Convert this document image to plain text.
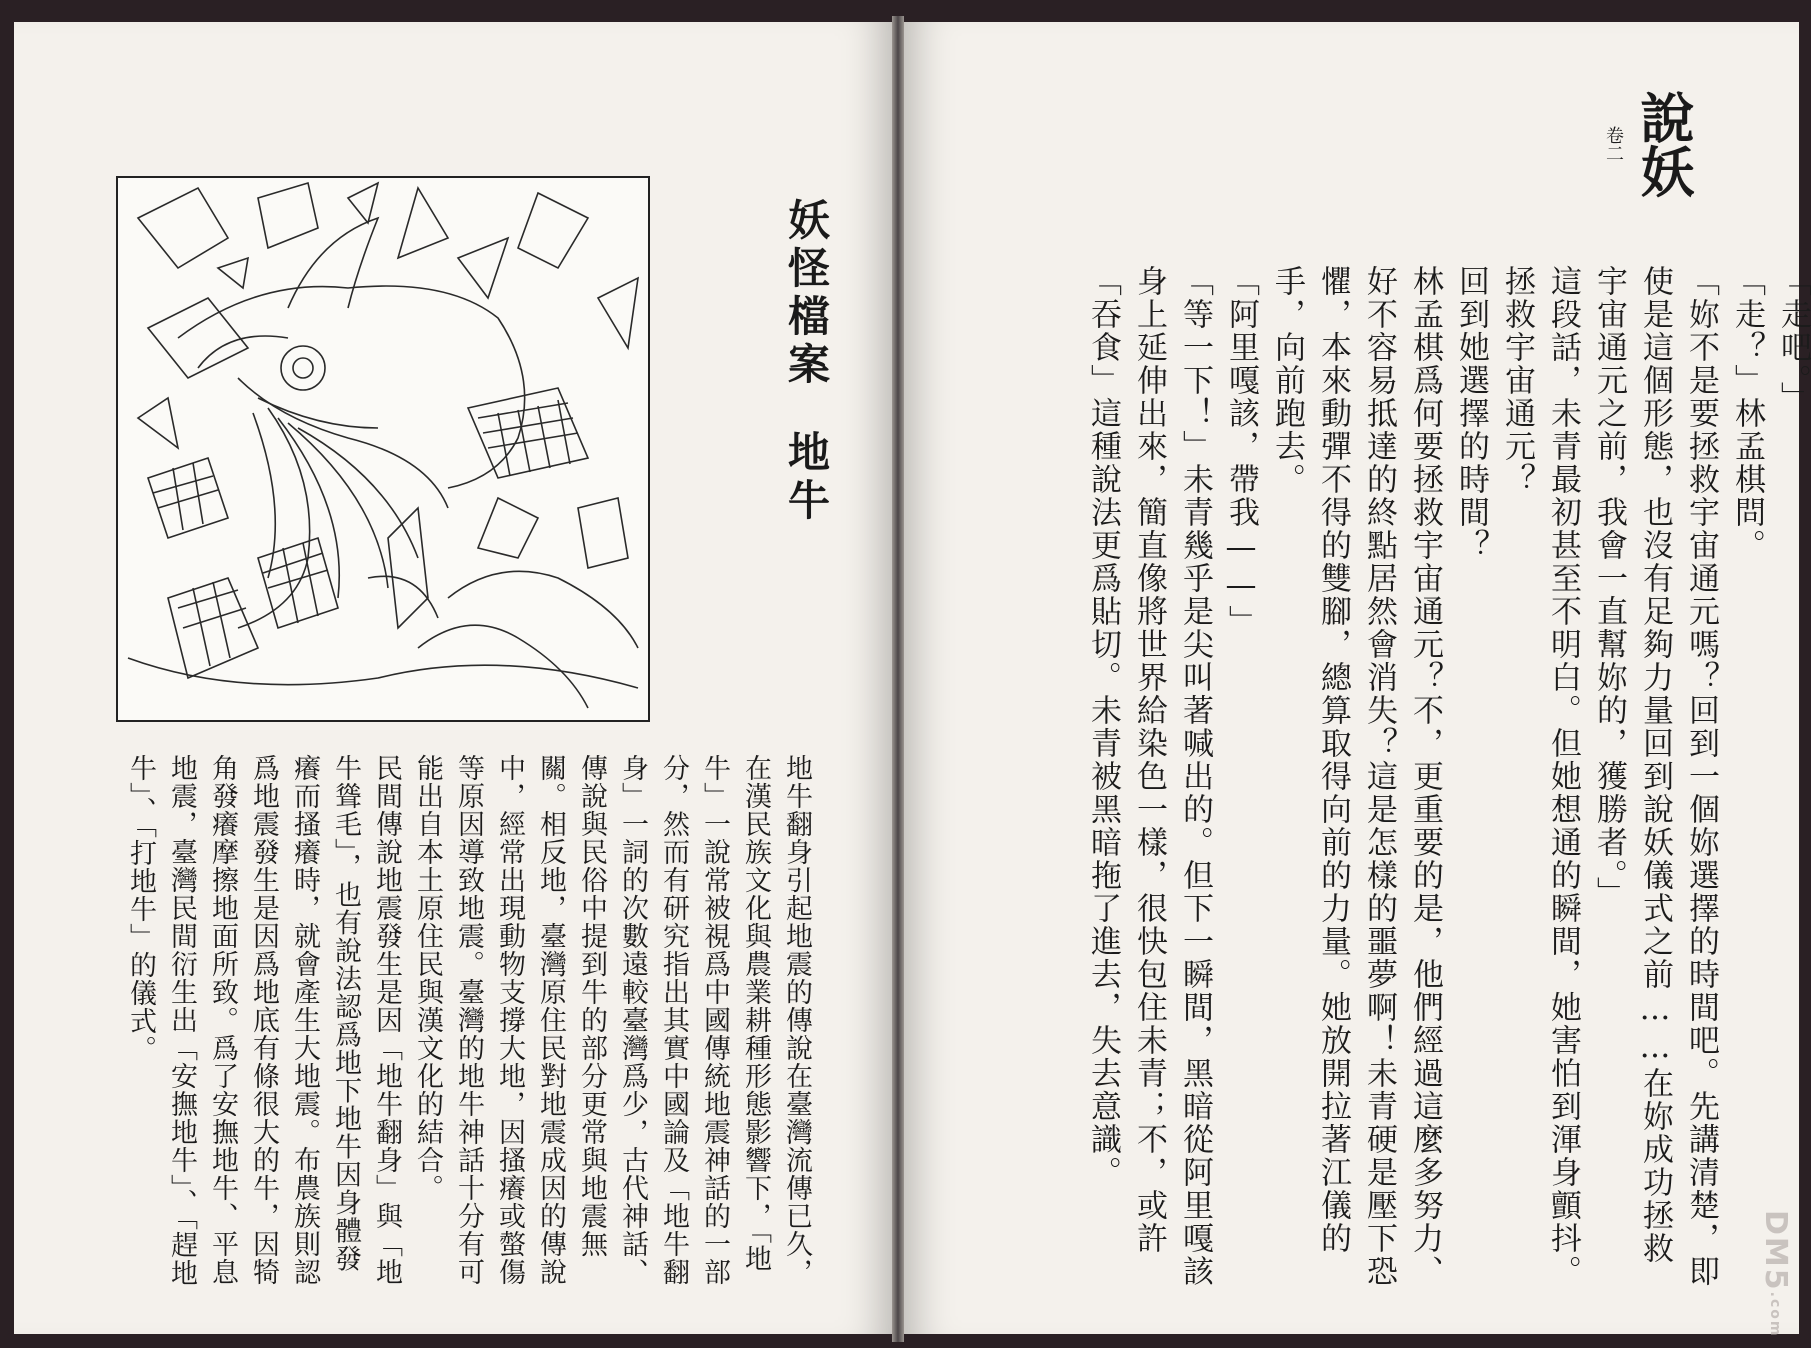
妖怪檔案地牛

地牛翻身引起地震的傳說在臺灣流傳已久，在漢民族文化與農業耕種形態影響下，「地牛」一說常被視爲中國傳統地震神話的一部分，然而有研究指出其實中國論及「地牛翻身」一詞的次數遠較臺灣爲少，古代神話、傳說與民俗中提到牛的部分更常與地震無關。相反地，臺灣原住民對地震成因的傳說中，經常出現動物支撐大地，因搔癢或螫傷等原因導致地震。臺灣的地牛神話十分有可能出自本土原住民與漢文化的結合。

民間傳說地震發生是因「地牛翻身」與「地牛聳毛」，也有說法認爲地下地牛因身體發癢而搔癢時，就會產生大地震。布農族則認爲地震發生是因爲地底有條很大的牛，因犄角發癢摩擦地面所致。爲了安撫地牛、平息地震，臺灣民間衍生出「安撫地牛」、「趕地牛」、「打地牛」的儀式。

說妖
卷二

「走吧。」

「走？」林孟棋問。

「妳不是要拯救宇宙通元嗎？回到一個妳選擇的時間吧。先講清楚，即使是這個形態，也沒有足夠力量回到說妖儀式之前……在妳成功拯救宇宙通元之前，我會一直幫妳的，獲勝者。」

這段話，未青最初甚至不明白。但她想通的瞬間，她害怕到渾身顫抖。

拯救宇宙通元？

回到她選擇的時間？

林孟棋爲何要拯救宇宙通元？不，更重要的是，他們經過這麼多努力、好不容易抵達的終點居然會消失？這是怎樣的噩夢啊！未青硬是壓下恐懼，本來動彈不得的雙腳，總算取得向前的力量。她放開拉著江儀的手，向前跑去。

「阿里嘎該，帶我——」

「等一下！」未青幾乎是尖叫著喊出的。但下一瞬間，黑暗從阿里嘎該身上延伸出來，簡直像將世界給染色一樣，很快包住未青；不，或許「吞食」這種說法更爲貼切。未青被黑暗拖了進去，失去意識。

DM5.com
